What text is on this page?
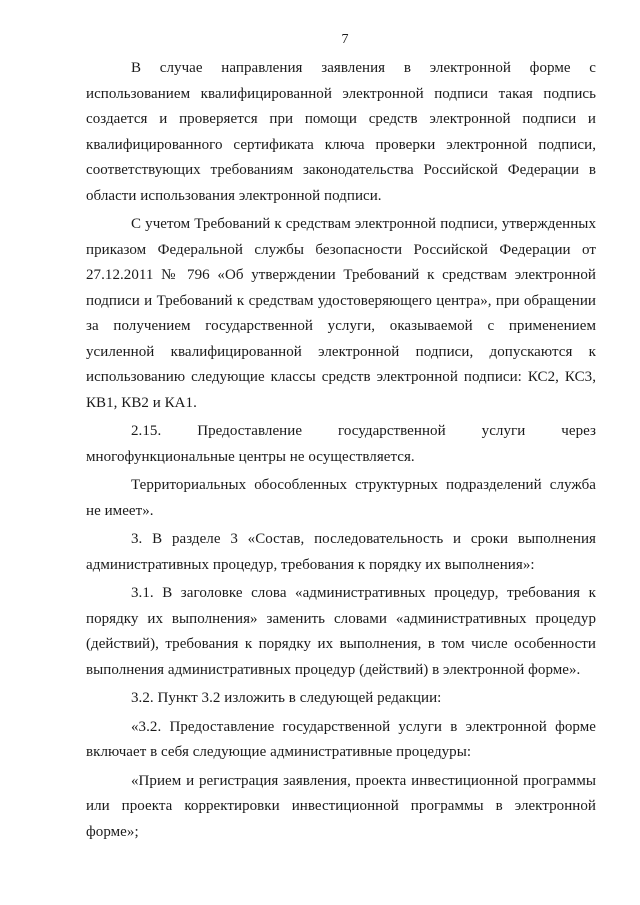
7

В случае направления заявления в электронной форме с использованием квалифицированной электронной подписи такая подпись создается и проверяется при помощи средств электронной подписи и квалифицированного сертификата ключа проверки электронной подписи, соответствующих требованиям законодательства Российской Федерации в области использования электронной подписи.

С учетом Требований к средствам электронной подписи, утвержденных приказом Федеральной службы безопасности Российской Федерации от 27.12.2011 № 796 «Об утверждении Требований к средствам электронной подписи и Требований к средствам удостоверяющего центра», при обращении за получением государственной услуги, оказываемой с применением усиленной квалифицированной электронной подписи, допускаются к использованию следующие классы средств электронной подписи: КС2, КС3, КВ1, КВ2 и КА1.

2.15. Предоставление государственной услуги через многофункциональные центры не осуществляется.

Территориальных обособленных структурных подразделений служба не имеет».

3. В разделе 3 «Состав, последовательность и сроки выполнения административных процедур, требования к порядку их выполнения»:

3.1. В заголовке слова «административных процедур, требования к порядку их выполнения» заменить словами «административных процедур (действий), требования к порядку их выполнения, в том числе особенности выполнения административных процедур (действий) в электронной форме».

3.2. Пункт 3.2 изложить в следующей редакции:

«3.2. Предоставление государственной услуги в электронной форме включает в себя следующие административные процедуры:

«Прием и регистрация заявления, проекта инвестиционной программы или проекта корректировки инвестиционной программы в электронной форме»;
